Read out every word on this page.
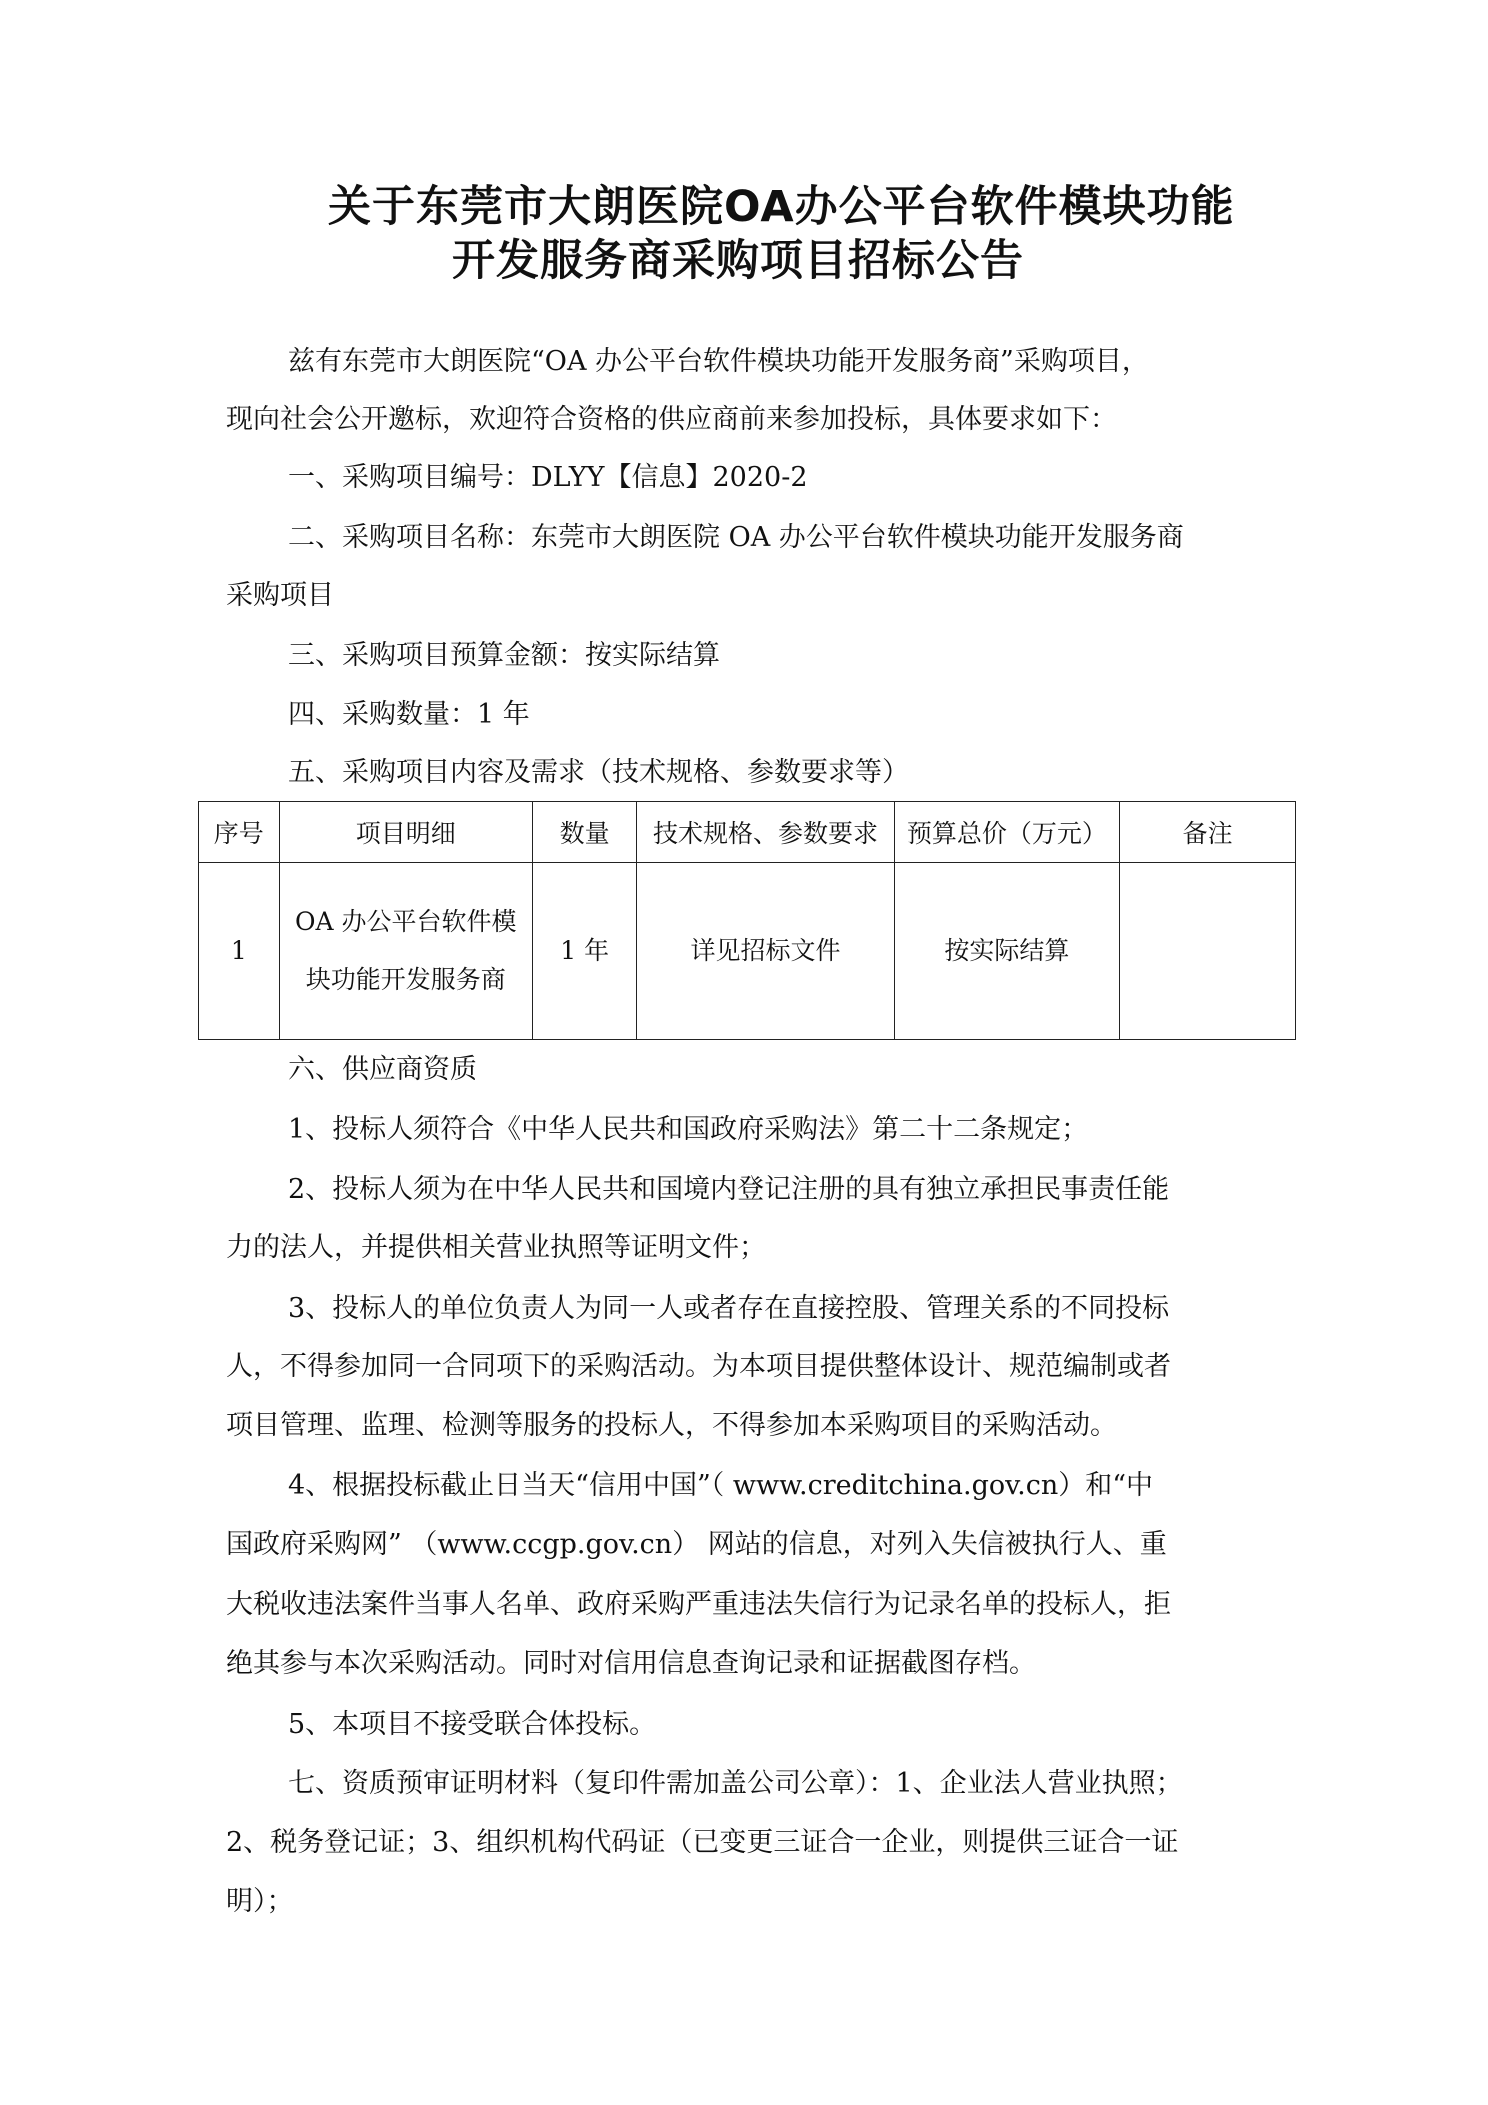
关于东莞市大朗医院OA办公平台软件模块功能
开发服务商采购项目招标公告
兹有东莞市大朗医院“OA 办公平台软件模块功能开发服务商”采购项目，
现向社会公开邀标，欢迎符合资格的供应商前来参加投标，具体要求如下：
一、采购项目编号：DLYY【信息】2020-2
二、采购项目名称：东莞市大朗医院 OA 办公平台软件模块功能开发服务商
采购项目
三、采购项目预算金额：按实际结算
四、采购数量：1 年
五、采购项目内容及需求（技术规格、参数要求等）
序号	项目明细	数量	技术规格、参数要求	预算总价（万元）	备注
1	OA 办公平台软件模块功能开发服务商	1 年	详见招标文件	按实际结算	
六、供应商资质
1、投标人须符合《中华人民共和国政府采购法》第二十二条规定；
2、投标人须为在中华人民共和国境内登记注册的具有独立承担民事责任能
力的法人，并提供相关营业执照等证明文件；
3、投标人的单位负责人为同一人或者存在直接控股、管理关系的不同投标
人，不得参加同一合同项下的采购活动。为本项目提供整体设计、规范编制或者
项目管理、监理、检测等服务的投标人，不得参加本采购项目的采购活动。
4、根据投标截止日当天“信用中国”（ www.creditchina.gov.cn）和“中
国政府采购网” （www.ccgp.gov.cn） 网站的信息，对列入失信被执行人、重
大税收违法案件当事人名单、政府采购严重违法失信行为记录名单的投标人，拒
绝其参与本次采购活动。同时对信用信息查询记录和证据截图存档。
5、本项目不接受联合体投标。
七、资质预审证明材料（复印件需加盖公司公章）：1、企业法人营业执照；
2、税务登记证；3、组织机构代码证（已变更三证合一企业，则提供三证合一证
明）；
